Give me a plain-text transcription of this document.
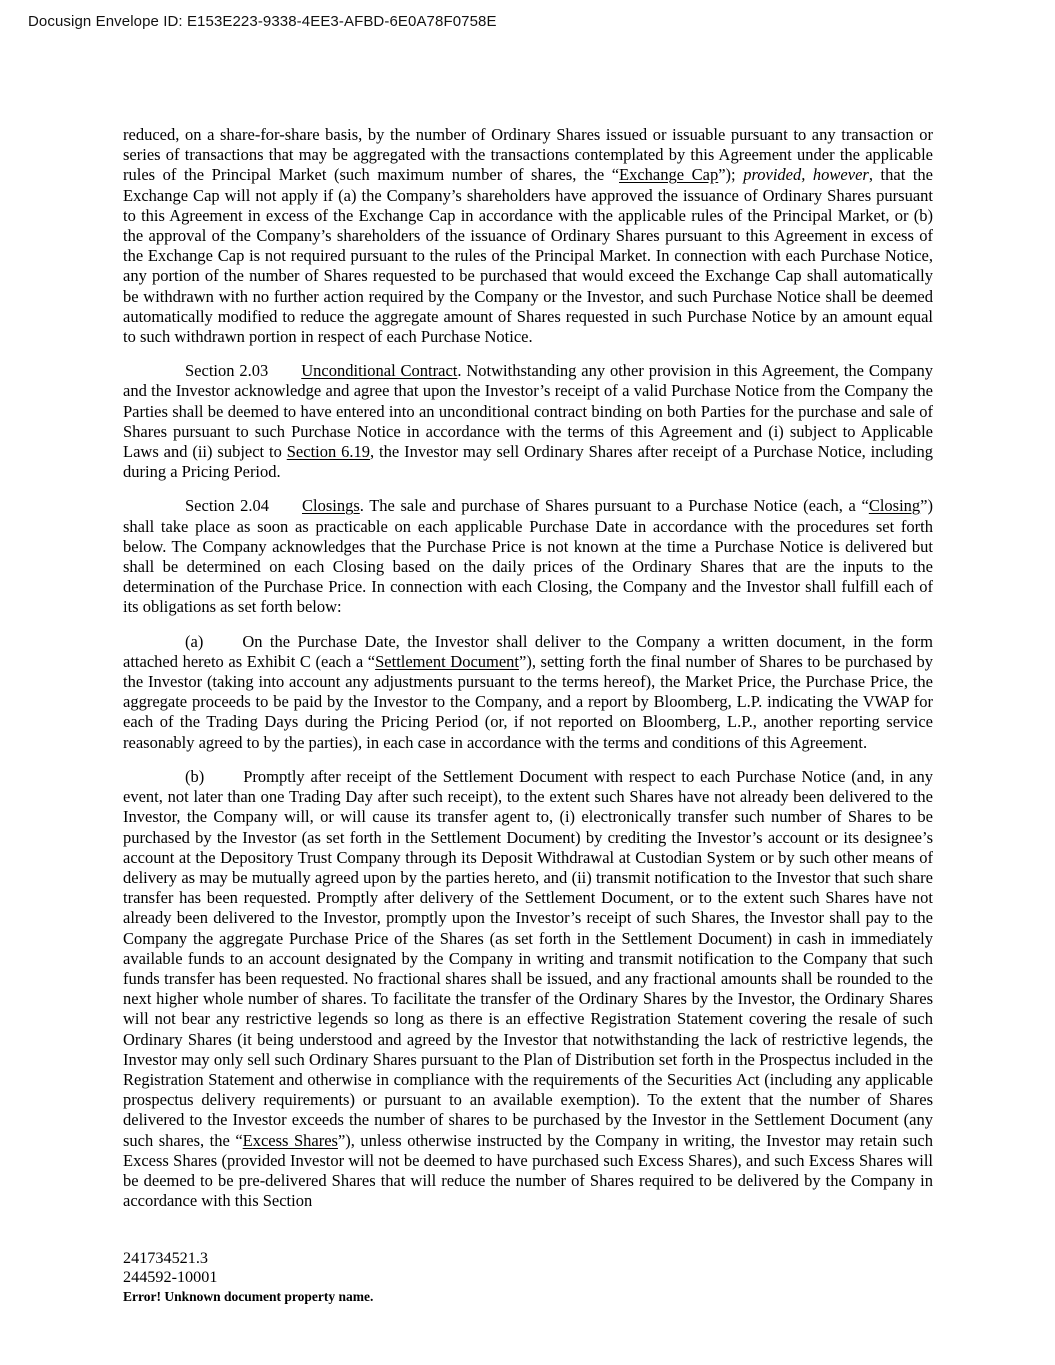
Docusign Envelope ID: E153E223-9338-4EE3-AFBD-6E0A78F0758E

reduced, on a share-for-share basis, by the number of Ordinary Shares issued or issuable pursuant to any transaction or series of transactions that may be aggregated with the transactions contemplated by this Agreement under the applicable rules of the Principal Market (such maximum number of shares, the “Exchange Cap”); provided, however, that the Exchange Cap will not apply if (a) the Company’s shareholders have approved the issuance of Ordinary Shares pursuant to this Agreement in excess of the Exchange Cap in accordance with the applicable rules of the Principal Market, or (b) the approval of the Company’s shareholders of the issuance of Ordinary Shares pursuant to this Agreement in excess of the Exchange Cap is not required pursuant to the rules of the Principal Market. In connection with each Purchase Notice, any portion of the number of Shares requested to be purchased that would exceed the Exchange Cap shall automatically be withdrawn with no further action required by the Company or the Investor, and such Purchase Notice shall be deemed automatically modified to reduce the aggregate amount of Shares requested in such Purchase Notice by an amount equal to such withdrawn portion in respect of each Purchase Notice.

Section 2.03 Unconditional Contract. Notwithstanding any other provision in this Agreement, the Company and the Investor acknowledge and agree that upon the Investor’s receipt of a valid Purchase Notice from the Company the Parties shall be deemed to have entered into an unconditional contract binding on both Parties for the purchase and sale of Shares pursuant to such Purchase Notice in accordance with the terms of this Agreement and (i) subject to Applicable Laws and (ii) subject to Section 6.19, the Investor may sell Ordinary Shares after receipt of a Purchase Notice, including during a Pricing Period.

Section 2.04 Closings. The sale and purchase of Shares pursuant to a Purchase Notice (each, a “Closing”) shall take place as soon as practicable on each applicable Purchase Date in accordance with the procedures set forth below. The Company acknowledges that the Purchase Price is not known at the time a Purchase Notice is delivered but shall be determined on each Closing based on the daily prices of the Ordinary Shares that are the inputs to the determination of the Purchase Price. In connection with each Closing, the Company and the Investor shall fulfill each of its obligations as set forth below:

(a) On the Purchase Date, the Investor shall deliver to the Company a written document, in the form attached hereto as Exhibit C (each a “Settlement Document”), setting forth the final number of Shares to be purchased by the Investor (taking into account any adjustments pursuant to the terms hereof), the Market Price, the Purchase Price, the aggregate proceeds to be paid by the Investor to the Company, and a report by Bloomberg, L.P. indicating the VWAP for each of the Trading Days during the Pricing Period (or, if not reported on Bloomberg, L.P., another reporting service reasonably agreed to by the parties), in each case in accordance with the terms and conditions of this Agreement.

(b) Promptly after receipt of the Settlement Document with respect to each Purchase Notice (and, in any event, not later than one Trading Day after such receipt), to the extent such Shares have not already been delivered to the Investor, the Company will, or will cause its transfer agent to, (i) electronically transfer such number of Shares to be purchased by the Investor (as set forth in the Settlement Document) by crediting the Investor’s account or its designee’s account at the Depository Trust Company through its Deposit Withdrawal at Custodian System or by such other means of delivery as may be mutually agreed upon by the parties hereto, and (ii) transmit notification to the Investor that such share transfer has been requested. Promptly after delivery of the Settlement Document, or to the extent such Shares have not already been delivered to the Investor, promptly upon the Investor’s receipt of such Shares, the Investor shall pay to the Company the aggregate Purchase Price of the Shares (as set forth in the Settlement Document) in cash in immediately available funds to an account designated by the Company in writing and transmit notification to the Company that such funds transfer has been requested. No fractional shares shall be issued, and any fractional amounts shall be rounded to the next higher whole number of shares. To facilitate the transfer of the Ordinary Shares by the Investor, the Ordinary Shares will not bear any restrictive legends so long as there is an effective Registration Statement covering the resale of such Ordinary Shares (it being understood and agreed by the Investor that notwithstanding the lack of restrictive legends, the Investor may only sell such Ordinary Shares pursuant to the Plan of Distribution set forth in the Prospectus included in the Registration Statement and otherwise in compliance with the requirements of the Securities Act (including any applicable prospectus delivery requirements) or pursuant to an available exemption). To the extent that the number of Shares delivered to the Investor exceeds the number of shares to be purchased by the Investor in the Settlement Document (any such shares, the “Excess Shares”), unless otherwise instructed by the Company in writing, the Investor may retain such Excess Shares (provided Investor will not be deemed to have purchased such Excess Shares), and such Excess Shares will be deemed to be pre-delivered Shares that will reduce the number of Shares required to be delivered by the Company in accordance with this Section

241734521.3
244592-10001
Error! Unknown document property name.
